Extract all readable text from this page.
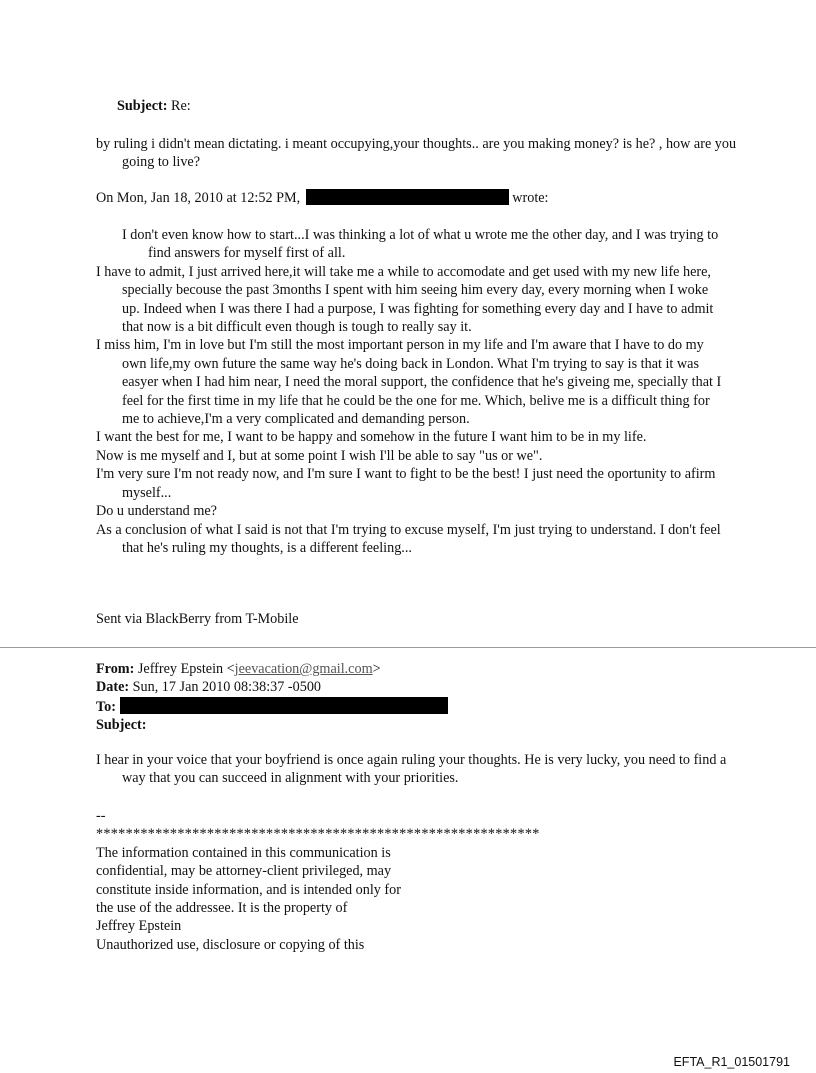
Subject: Re:

by ruling i didn't mean dictating. i meant occupying,your thoughts.. are you making money? is he? , how are you going to live?

On Mon, Jan 18, 2010 at 12:52 PM,	wrote:

I don't even know how to start...I was thinking a lot of what u wrote me the other day, and I was trying to find answers for myself first of all.

I have to admit, I just arrived here,it will take me a while to accomodate and get used with my new life here, specially becouse the past 3months I spent with him seeing him every day, every morning when I woke up. Indeed when I was there I had a purpose, I was fighting for something every day and I have to admit that now is a bit difficult even though is tough to really say it.

I miss him, I'm in love but I'm still the most important person in my life and I'm aware that I have to do my own life,my own future the same way he's doing back in London. What I'm trying to say is that it was easyer when I had him near, I need the moral support, the confidence that he's giveing me, specially that I feel for the first time in my life that he could be the one for me. Which, belive me is a difficult thing for me to achieve,I'm a very complicated and demanding person.

I want the best for me, I want to be happy and somehow in the future I want him to be in my life.

Now is me myself and I, but at some point I wish I'll be able to say "us or we".

I'm very sure I'm not ready now, and I'm sure I want to fight to be the best! I just need the oportunity to afirm myself...

Do u understand me?

As a conclusion of what I said is not that I'm trying to excuse myself, I'm just trying to understand. I don't feel that he's ruling my thoughts, is a different feeling...

Sent via BlackBerry from T-Mobile

From: Jeffrey Epstein <jeevacation@gmail.com>
Date: Sun, 17 Jan 2010 08:38:37 -0500
To:
Subject:

I hear in your voice that your boyfriend is once again ruling your thoughts. He is very lucky, you need to find a way that you can succeed in alignment with your priorities.

--
************************************************************
The information contained in this communication is
confidential, may be attorney-client privileged, may
constitute inside information, and is intended only for
the use of the addressee. It is the property of
Jeffrey Epstein
Unauthorized use, disclosure or copying of this
EFTA_R1_01501791
